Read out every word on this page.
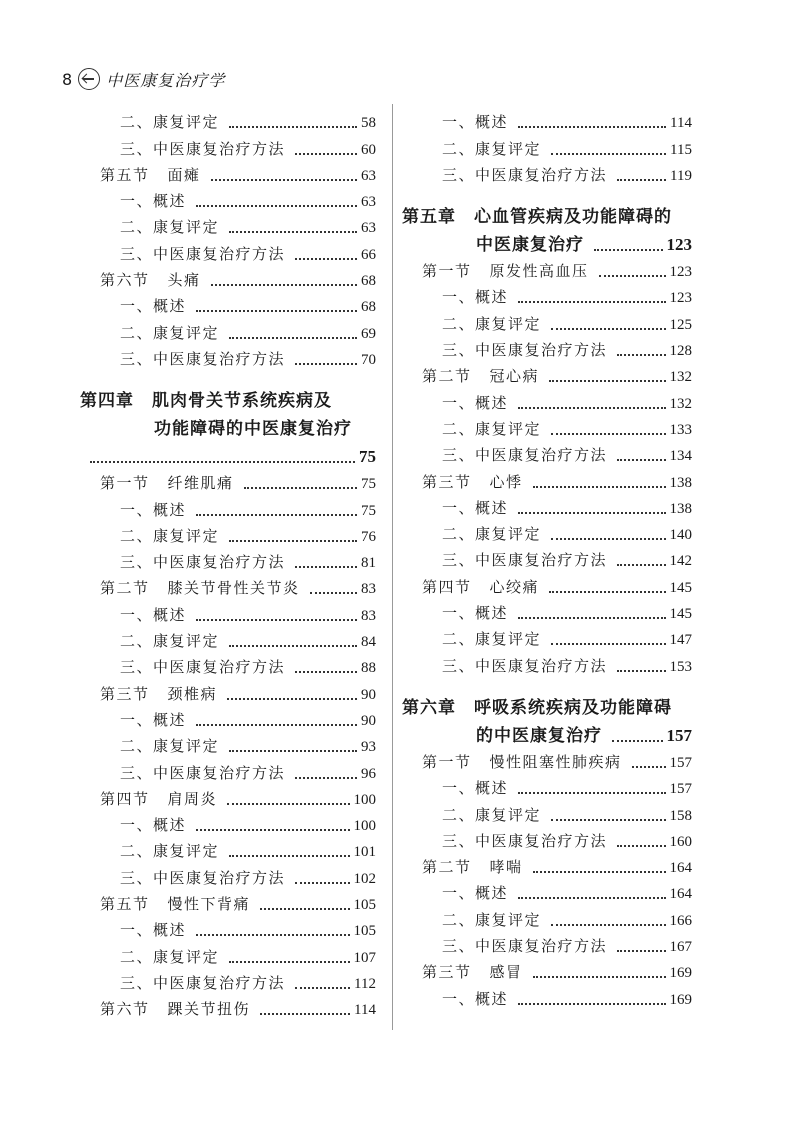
8 中医康复治疗学
二、 康复评定	58
三、 中医康复治疗方法	60
第五节 面瘫	63
一、 概述	63
二、 康复评定	63
三、 中医康复治疗方法	66
第六节 头痛	68
一、 概述	68
二、 康复评定	69
三、 中医康复治疗方法	70
第四章 肌肉骨关节系统疾病及
功能障碍的中医康复治疗
75
第一节 纤维肌痛	75
一、 概述	75
二、 康复评定	76
三、 中医康复治疗方法	81
第二节 膝关节骨性关节炎	83
一、 概述	83
二、 康复评定	84
三、 中医康复治疗方法	88
第三节 颈椎病	90
一、 概述	90
二、 康复评定	93
三、 中医康复治疗方法	96
第四节 肩周炎	100
一、 概述	100
二、 康复评定	101
三、 中医康复治疗方法	102
第五节 慢性下背痛	105
一、 概述	105
二、 康复评定	107
三、 中医康复治疗方法	112
第六节 踝关节扭伤	114
一、 概述	114
二、 康复评定	115
三、 中医康复治疗方法	119
第五章 心血管疾病及功能障碍的
中医康复治疗	123
第一节 原发性高血压	123
一、 概述	123
二、 康复评定	125
三、 中医康复治疗方法	128
第二节 冠心病	132
一、 概述	132
二、 康复评定	133
三、 中医康复治疗方法	134
第三节 心悸	138
一、 概述	138
二、 康复评定	140
三、 中医康复治疗方法	142
第四节 心绞痛	145
一、 概述	145
二、 康复评定	147
三、 中医康复治疗方法	153
第六章 呼吸系统疾病及功能障碍
的中医康复治疗	157
第一节 慢性阻塞性肺疾病	157
一、 概述	157
二、 康复评定	158
三、 中医康复治疗方法	160
第二节 哮喘	164
一、 概述	164
二、 康复评定	166
三、 中医康复治疗方法	167
第三节 感冒	169
一、 概述	169
